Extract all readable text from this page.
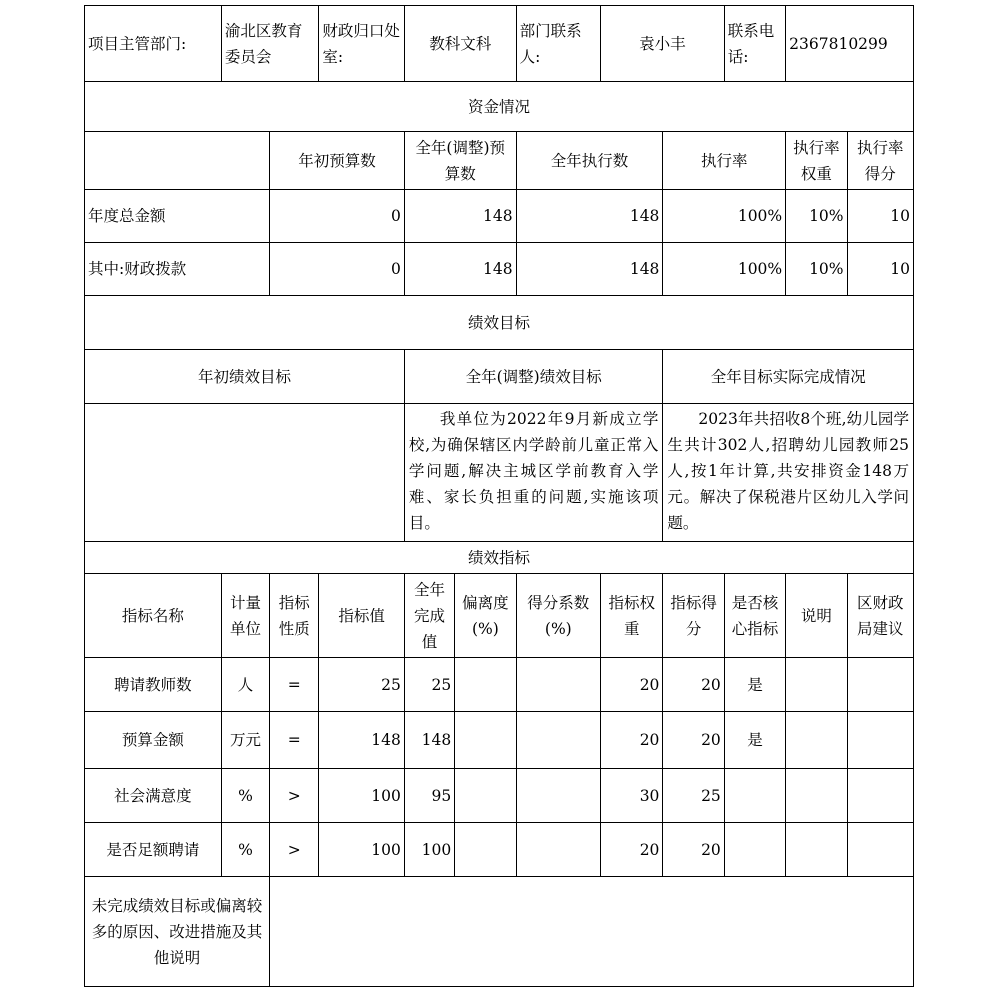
项目主管部门:	渝北区教育委员会		财政归口处室:	教科文科		部门联系人:	袁小丰		联系电话:	2367810299	
资金情况											
		年初预算数		全年(调整)预算数		全年执行数		执行率		执行率权重	执行率得分
年度总金额		0		148		148		100%		10%	10
其中:财政拨款		0		148		148		100%		10%	10
绩效目标											
年初绩效目标				全年(调整)绩效目标				全年目标实际完成情况			
				我单位为2022年9月新成立学校,为确保辖区内学龄前儿童正常入学问题,解决主城区学前教育入学难、家长负担重的问题,实施该项目。				2023年共招收8个班,幼儿园学生共计302人,招聘幼儿园教师25人,按1年计算,共安排资金148万元。解决了保税港片区幼儿入学问题。			
绩效指标											
指标名称	计量单位	指标性质	指标值	全年完成值	偏离度(%)	得分系数(%)	指标权重	指标得分	是否核心指标	说明	区财政局建议
聘请教师数	人	=	25	25			20	20	是		
预算金额	万元	=	148	148			20	20	是		
社会满意度	%	>	100	95			30	25			
是否足额聘请	%	>	100	100			20	20			
未完成绩效目标或偏离较多的原因、改进措施及其他说明											
